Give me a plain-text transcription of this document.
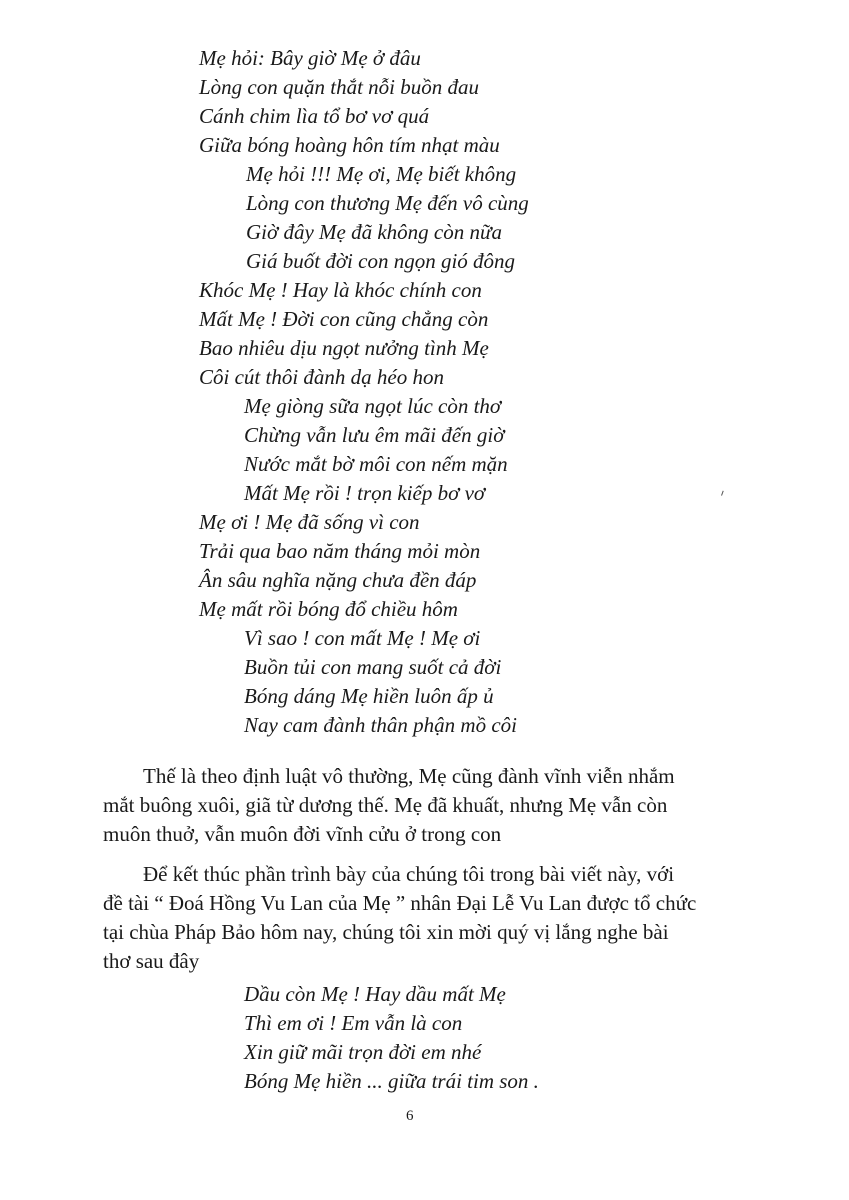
Mẹ hỏi: Bây giờ Mẹ ở đâu
Lòng con quặn thắt nỗi buồn đau
Cánh chim lìa tổ bơ vơ quá
Giữa bóng hoàng hôn tím nhạt màu
Mẹ hỏi !!! Mẹ ơi, Mẹ biết không
Lòng con thương Mẹ đến vô cùng
Giờ đây Mẹ đã không còn nữa
Giá buốt đời con ngọn gió đông
Khóc Mẹ ! Hay là khóc chính con
Mất Mẹ ! Đời con cũng chẳng còn
Bao nhiêu dịu ngọt nưởng tình Mẹ
Côi cút thôi đành dạ héo hon
Mẹ giòng sữa ngọt lúc còn thơ
Chừng vẫn lưu êm mãi đến giờ
Nước mắt bờ môi con nếm mặn
Mất Mẹ rồi ! trọn kiếp bơ vơ
Mẹ ơi ! Mẹ đã sống vì con
Trải qua bao năm tháng mỏi mòn
Ân sâu nghĩa nặng chưa đền đáp
Mẹ mất rồi bóng đổ chiều hôm
Vì sao ! con mất Mẹ ! Mẹ ơi
Buồn tủi con mang suốt cả đời
Bóng dáng Mẹ hiền luôn ấp ủ
Nay cam đành thân phận mồ côi
Thế là theo định luật vô thường, Mẹ cũng đành vĩnh viễn nhắm
mắt buông xuôi, giã từ dương thế. Mẹ đã khuất, nhưng Mẹ vẫn còn
muôn thuở, vẫn muôn đời vĩnh cửu ở trong con
Để kết thúc phần trình bày của chúng tôi trong bài viết này, với
đề tài “ Đoá Hồng Vu Lan của Mẹ ” nhân Đại Lễ Vu Lan được tổ chức
tại chùa Pháp Bảo hôm nay, chúng tôi xin mời quý vị lắng nghe bài
thơ sau đây
Dầu còn Mẹ ! Hay dầu mất Mẹ
Thì em ơi ! Em vẫn là con
Xin giữ mãi trọn đời em nhé
Bóng Mẹ hiền ... giữa trái tim son .
6
